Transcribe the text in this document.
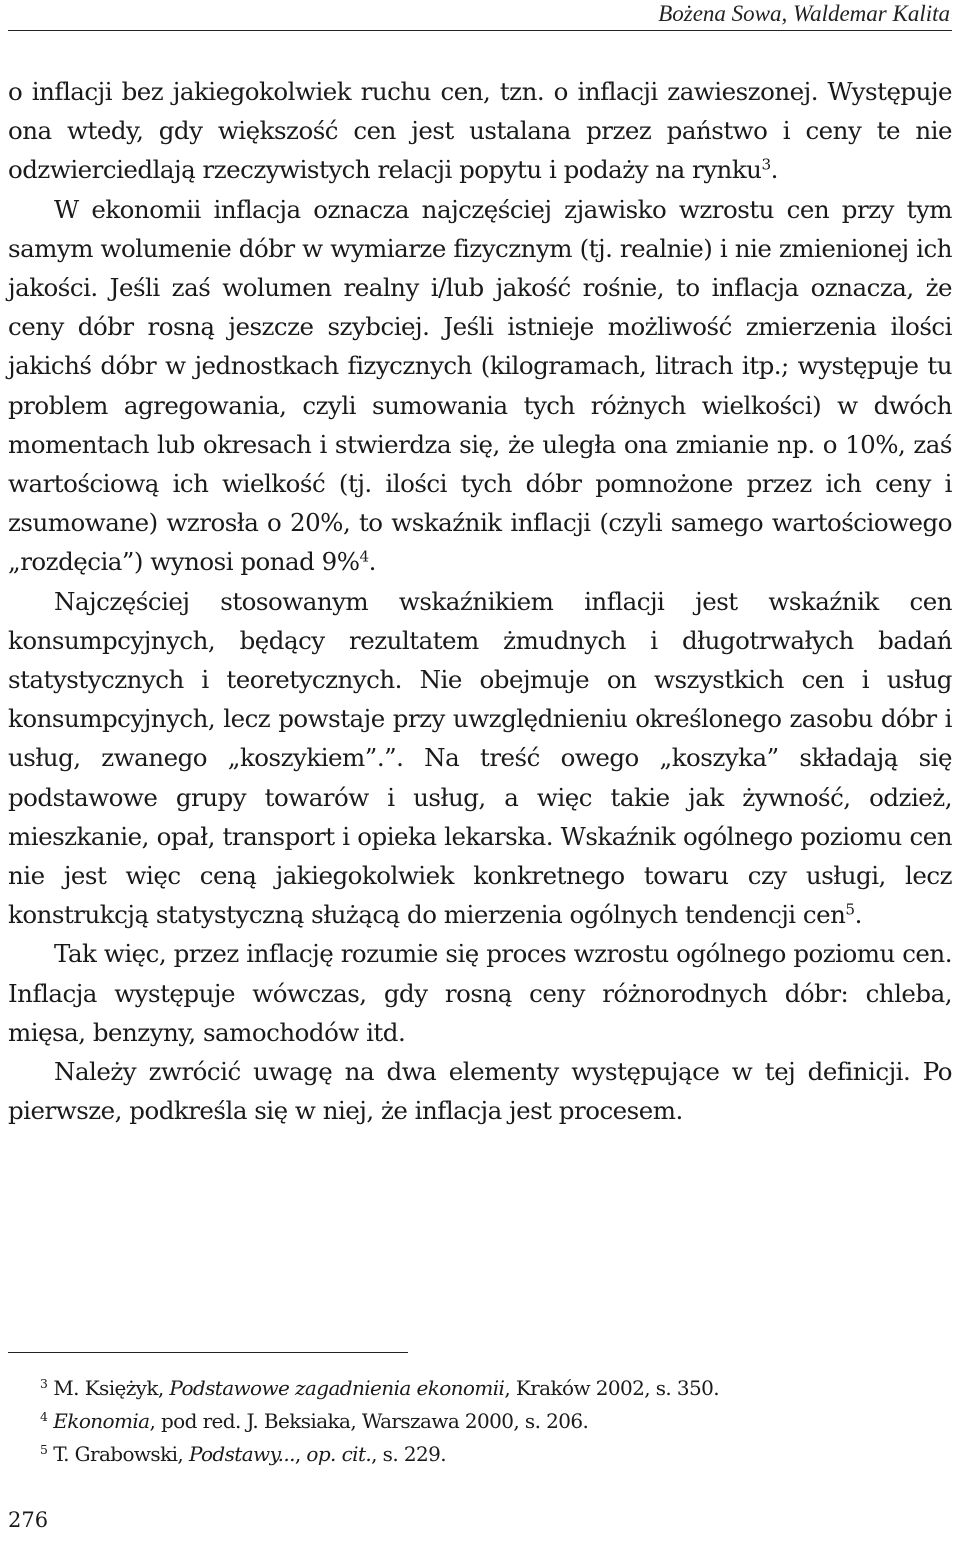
Bożena Sowa, Waldemar Kalita

o inflacji bez jakiegokolwiek ruchu cen, tzn. o inflacji zawieszonej. Występuje ona wtedy, gdy większość cen jest ustalana przez państwo i ceny te nie odzwierciedlają rzeczywistych relacji popytu i podaży na rynku$^3$.

W ekonomii inflacja oznacza najczęściej zjawisko wzrostu cen przy tym samym wolumenie dóbr w wymiarze fizycznym (tj. realnie) i nie zmienionej ich jakości. Jeśli zaś wolumen realny i/lub jakość rośnie, to inflacja oznacza, że ceny dóbr rosną jeszcze szybciej. Jeśli istnieje możliwość zmierzenia ilości jakichś dóbr w jednostkach fizycznych (kilogramach, litrach itp.; występuje tu problem agregowania, czyli sumowania tych różnych wielkości) w dwóch momentach lub okresach i stwierdza się, że uległa ona zmianie np. o 10%, zaś wartościową ich wielkość (tj. ilości tych dóbr pomnożone przez ich ceny i zsumowane) wzrosła o 20%, to wskaźnik inflacji (czyli samego wartościowego „rozdęcia”) wynosi ponad 9%$^4$.

Najczęściej stosowanym wskaźnikiem inflacji jest wskaźnik cen konsumpcyjnych, będący rezultatem żmudnych i długotrwałych badań statystycznych i teoretycznych. Nie obejmuje on wszystkich cen i usług konsumpcyjnych, lecz powstaje przy uwzględnieniu określonego zasobu dóbr i usług, zwanego „koszykiem”.”. Na treść owego „koszyka” składają się podstawowe grupy towarów i usług, a więc takie jak żywność, odzież, mieszkanie, opał, transport i opieka lekarska. Wskaźnik ogólnego poziomu cen nie jest więc ceną jakiegokolwiek konkretnego towaru czy usługi, lecz konstrukcją statystyczną służącą do mierzenia ogólnych tendencji cen$^5$.

Tak więc, przez inflację rozumie się proces wzrostu ogólnego poziomu cen. Inflacja występuje wówczas, gdy rosną ceny różnorodnych dóbr: chleba, mięsa, benzyny, samochodów itd.

Należy zwrócić uwagę na dwa elementy występujące w tej definicji. Po pierwsze, podkreśla się w niej, że inflacja jest procesem.

$^3$ M. Księżyk, Podstawowe zagadnienia ekonomii, Kraków 2002, s. 350.
$^4$ Ekonomia, pod red. J. Beksiaka, Warszawa 2000, s. 206.
$^5$ T. Grabowski, Podstawy..., op. cit., s. 229.
276
